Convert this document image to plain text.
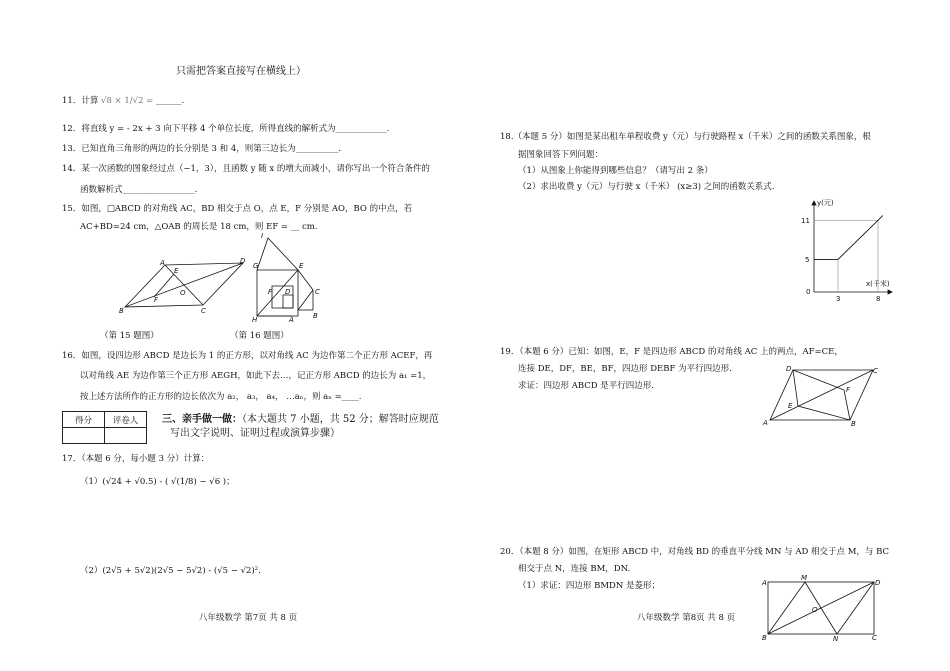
只需把答案直接写在横线上）
11．计算 √8 × 1/√2 = ______.
12．将直线 y = - 2x + 3 向下平移 4 个单位长度，所得直线的解析式为____________.
13．已知直角三角形的两边的长分别是 3 和 4，则第三边长为__________.
14．某一次函数的图象经过点（−1，3），且函数 y 随 x 的增大而减小，请你写出一个符合条件的
函数解析式_________________.
15．如图，□ABCD 的对角线 AC，BD 相交于点 O，点 E，F 分别是 AO，BO 的中点，若
AC+BD=24 cm，△OAB 的周长是 18 cm，则 EF = __ cm.
A
E
D
F
O
B	C
I
G	E
F D	C
H	A	B
（第 15 题图）	（第 16 题图）
16．如图，设四边形 ABCD 是边长为 1 的正方形，以对角线 AC 为边作第二个正方形 ACEF，再
以对角线 AE 为边作第三个正方形 AEGH，如此下去…，记正方形 ABCD 的边长为 a₁ =1，
按上述方法所作的正方形的边长依次为 a₂， a₃， a₄， …aₙ，则 aₙ =____.
得分	评卷人
	三、亲手做一做：（本大题共 7 小题，共 52 分；解答时应规范
写出文字说明、证明过程或演算步骤）
17．（本题 6 分，每小题 3 分）计算：
（1）(√24 + √0.5) - ( √(1/8) − √6 )；
（2）(2√5 + 5√2)(2√5 − 5√2) - (√5 − √2)².
八年级数学 第7页 共 8 页
18.（本题 5 分）如图是某出租车单程收费 y（元）与行驶路程 x（千米）之间的函数关系图象，根
据图象回答下列问题：
（1）从图象上你能得到哪些信息？（请写出 2 条）
（2）求出收费 y（元）与行驶 x（千米） (x≥3) 之间的函数关系式.
0
3	8
5
11
y(元)
x(千米)
19．（本题 6 分）已知：如图，E，F 是四边形 ABCD 的对角线 AC 上的两点，AF=CE，
连接 DE，DF，BE，BF，四边形 DEBF 为平行四边形.
求证：四边形 ABCD 是平行四边形.
D	C
F
E
A	B
20．（本题 8 分）如图，在矩形 ABCD 中，对角线 BD 的垂直平分线 MN 与 AD 相交于点 M，与 BC
相交于点 N，连接 BM，DN.
（1）求证：四边形 BMDN 是菱形；	A
M
D
O
B	N	C
八年级数学 第8页 共 8 页
